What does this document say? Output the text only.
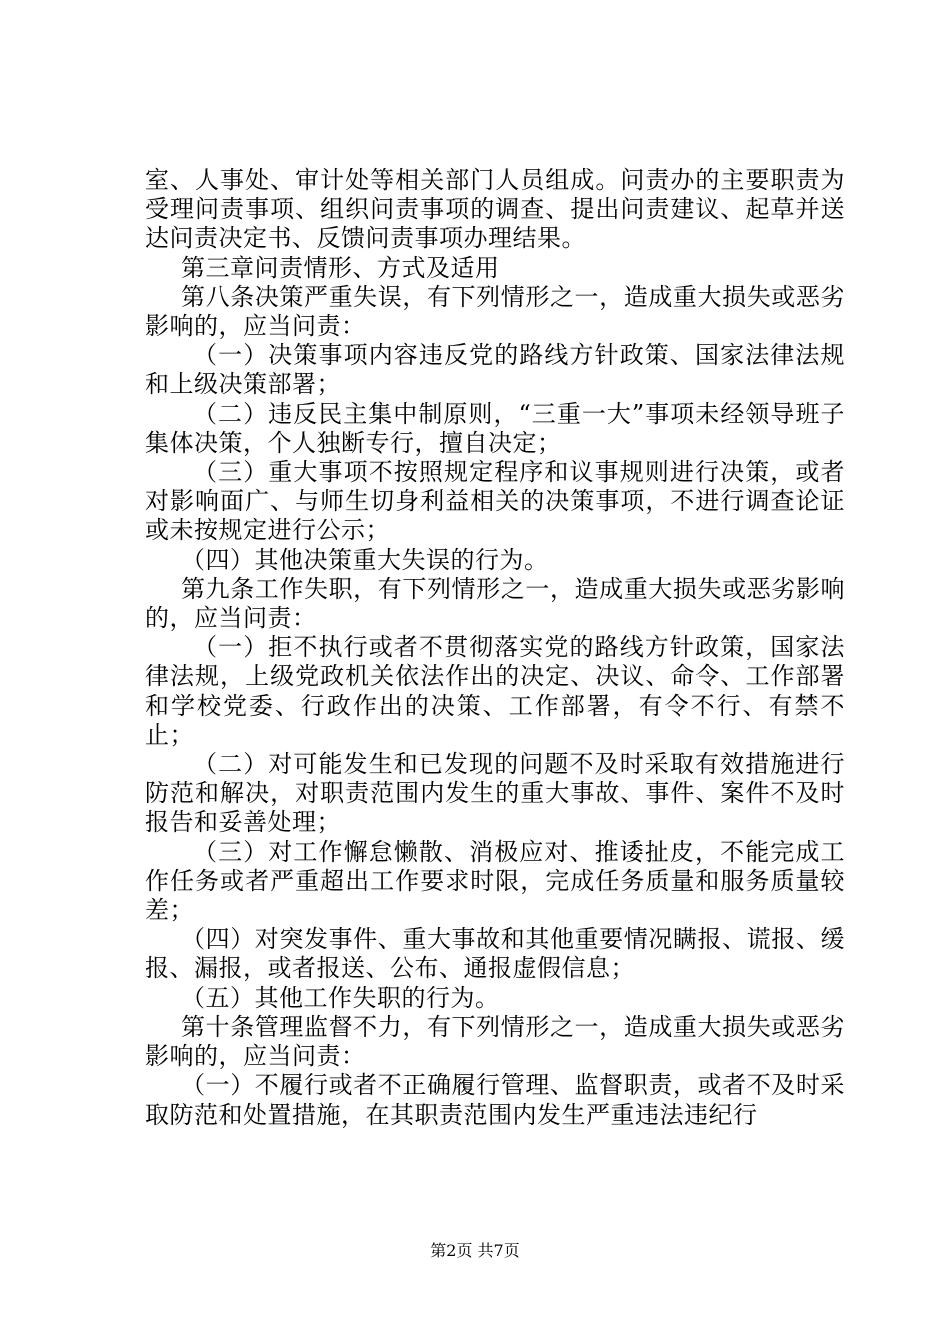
室、人事处、审计处等相关部门人员组成。问责办的主要职责为受理问责事项、组织问责事项的调查、提出问责建议、起草并送达问责决定书、反馈问责事项办理结果。

第三章问责情形、方式及适用

第八条决策严重失误，有下列情形之一，造成重大损失或恶劣影响的，应当问责：

（一）决策事项内容违反党的路线方针政策、国家法律法规和上级决策部署；

（二）违反民主集中制原则，“三重一大”事项未经领导班子集体决策，个人独断专行，擅自决定；

（三）重大事项不按照规定程序和议事规则进行决策，或者对影响面广、与师生切身利益相关的决策事项，不进行调查论证或未按规定进行公示；

（四）其他决策重大失误的行为。

第九条工作失职，有下列情形之一，造成重大损失或恶劣影响的，应当问责：

（一）拒不执行或者不贯彻落实党的路线方针政策，国家法律法规，上级党政机关依法作出的决定、决议、命令、工作部署和学校党委、行政作出的决策、工作部署，有令不行、有禁不止；

（二）对可能发生和已发现的问题不及时采取有效措施进行防范和解决，对职责范围内发生的重大事故、事件、案件不及时报告和妥善处理；

（三）对工作懈怠懒散、消极应对、推诿扯皮，不能完成工作任务或者严重超出工作要求时限，完成任务质量和服务质量较差；

（四）对突发事件、重大事故和其他重要情况瞒报、谎报、缓报、漏报，或者报送、公布、通报虚假信息；

（五）其他工作失职的行为。

第十条管理监督不力，有下列情形之一，造成重大损失或恶劣影响的，应当问责：

（一）不履行或者不正确履行管理、监督职责，或者不及时采取防范和处置措施，在其职责范围内发生严重违法违纪行

第2页 共7页
